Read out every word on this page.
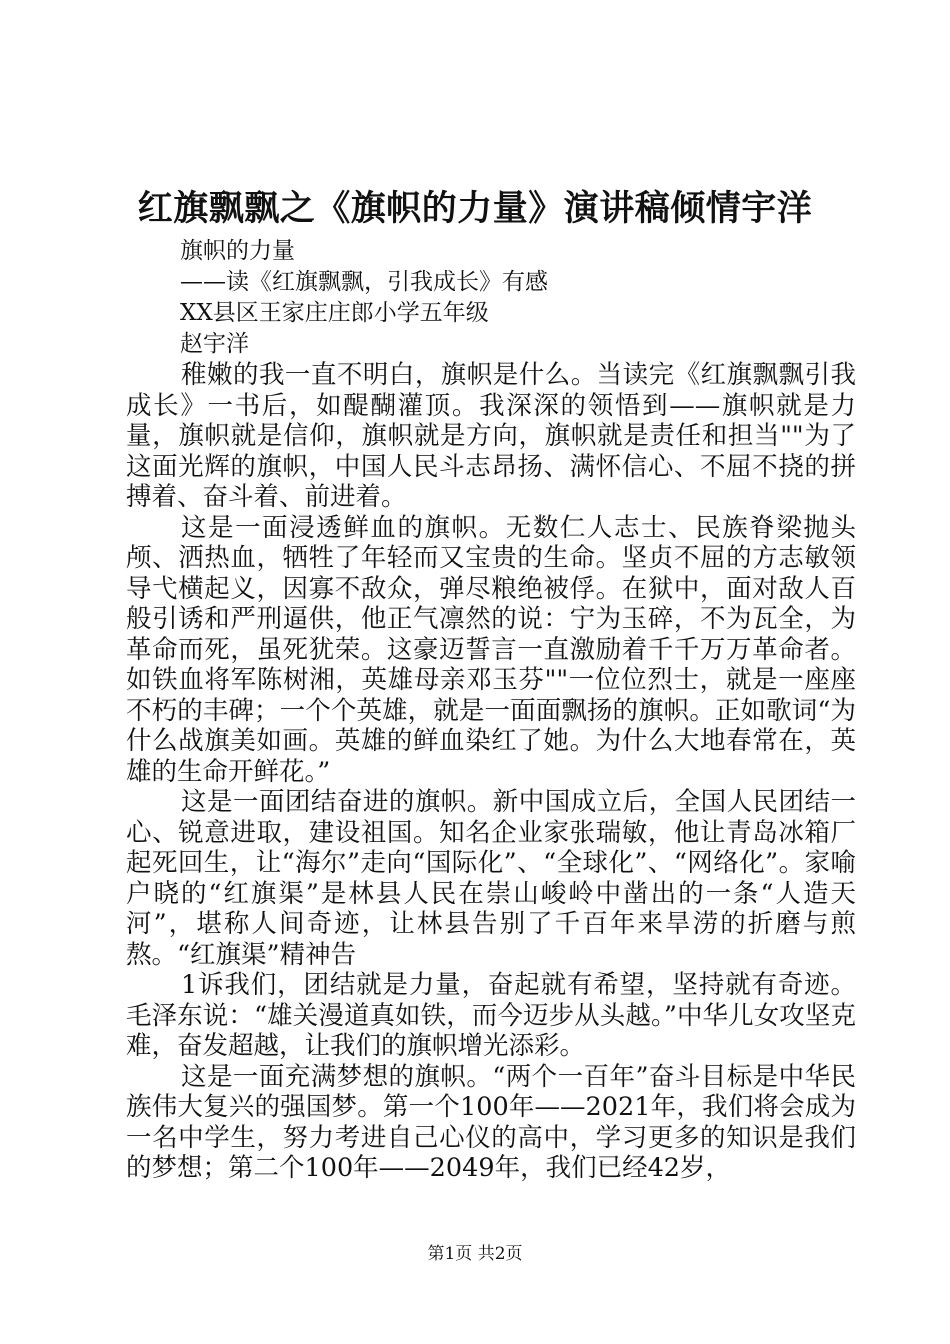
红旗飘飘之《旗帜的力量》演讲稿倾情宇洋
旗帜的力量
——读《红旗飘飘，引我成长》有感
XX县区王家庄庄郎小学五年级
赵宇洋

稚嫩的我一直不明白，旗帜是什么。当读完《红旗飘飘引我成长》一书后，如醍醐灌顶。我深深的领悟到——旗帜就是力量，旗帜就是信仰，旗帜就是方向，旗帜就是责任和担当""为了这面光辉的旗帜，中国人民斗志昂扬、满怀信心、不屈不挠的拼搏着、奋斗着、前进着。

这是一面浸透鲜血的旗帜。无数仁人志士、民族脊梁抛头颅、洒热血，牺牲了年轻而又宝贵的生命。坚贞不屈的方志敏领导弋横起义，因寡不敌众，弹尽粮绝被俘。在狱中，面对敌人百般引诱和严刑逼供，他正气凛然的说：宁为玉碎，不为瓦全，为革命而死，虽死犹荣。这豪迈誓言一直激励着千千万万革命者。如铁血将军陈树湘，英雄母亲邓玉芬""一位位烈士，就是一座座不朽的丰碑；一个个英雄，就是一面面飘扬的旗帜。正如歌词“为什么战旗美如画。英雄的鲜血染红了她。为什么大地春常在，英雄的生命开鲜花。”

这是一面团结奋进的旗帜。新中国成立后，全国人民团结一心、锐意进取，建设祖国。知名企业家张瑞敏，他让青岛冰箱厂起死回生，让“海尔”走向“国际化”、“全球化”、“网络化”。家喻户晓的“红旗渠”是林县人民在崇山峻岭中凿出的一条“人造天河”，堪称人间奇迹，让林县告别了千百年来旱涝的折磨与煎熬。“红旗渠”精神告

1诉我们，团结就是力量，奋起就有希望，坚持就有奇迹。毛泽东说：“雄关漫道真如铁，而今迈步从头越。”中华儿女攻坚克难，奋发超越，让我们的旗帜增光添彩。

这是一面充满梦想的旗帜。“两个一百年”奋斗目标是中华民族伟大复兴的强国梦。第一个100年——2021年，我们将会成为一名中学生，努力考进自己心仪的高中，学习更多的知识是我们的梦想；第二个100年——2049年，我们已经42岁，

第1页 共2页
